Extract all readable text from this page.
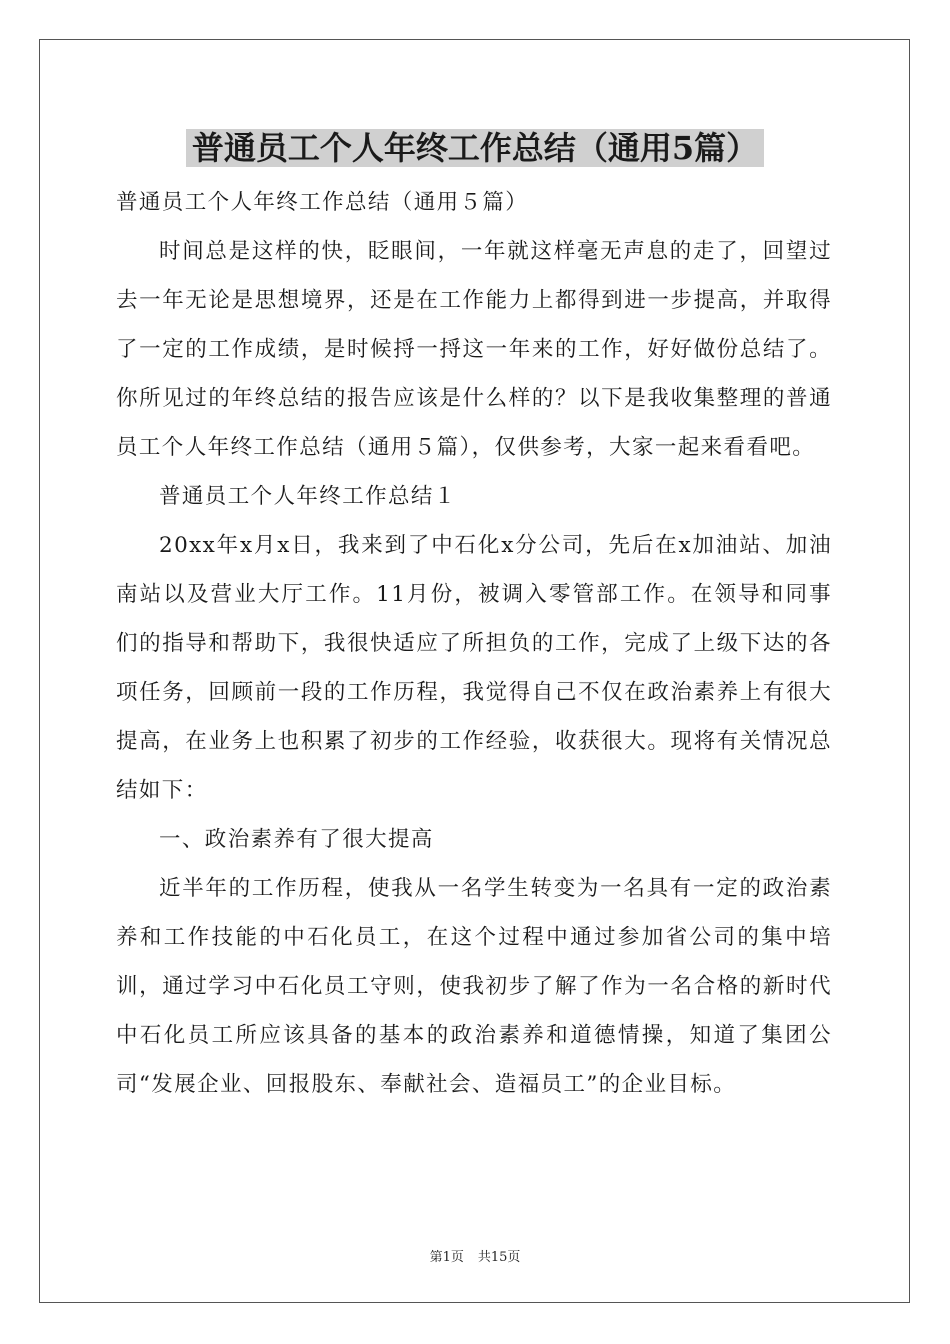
普通员工个人年终工作总结（通用5篇）

普通员工个人年终工作总结（通用５篇）

时间总是这样的快，眨眼间，一年就这样毫无声息的走了，回望过去一年无论是思想境界，还是在工作能力上都得到进一步提高，并取得了一定的工作成绩，是时候捋一捋这一年来的工作，好好做份总结了。你所见过的年终总结的报告应该是什么样的？以下是我收集整理的普通员工个人年终工作总结（通用５篇），仅供参考，大家一起来看看吧。

普通员工个人年终工作总结１

20xx年x月x日，我来到了中石化x分公司，先后在x加油站、加油南站以及营业大厅工作。11月份，被调入零管部工作。在领导和同事们的指导和帮助下，我很快适应了所担负的工作，完成了上级下达的各项任务，回顾前一段的工作历程，我觉得自己不仅在政治素养上有很大提高，在业务上也积累了初步的工作经验，收获很大。现将有关情况总结如下：

一、政治素养有了很大提高

近半年的工作历程，使我从一名学生转变为一名具有一定的政治素养和工作技能的中石化员工，在这个过程中通过参加省公司的集中培训，通过学习中石化员工守则，使我初步了解了作为一名合格的新时代中石化员工所应该具备的基本的政治素养和道德情操，知道了集团公司“发展企业、回报股东、奉献社会、造福员工”的企业目标。

第1页 共15页
